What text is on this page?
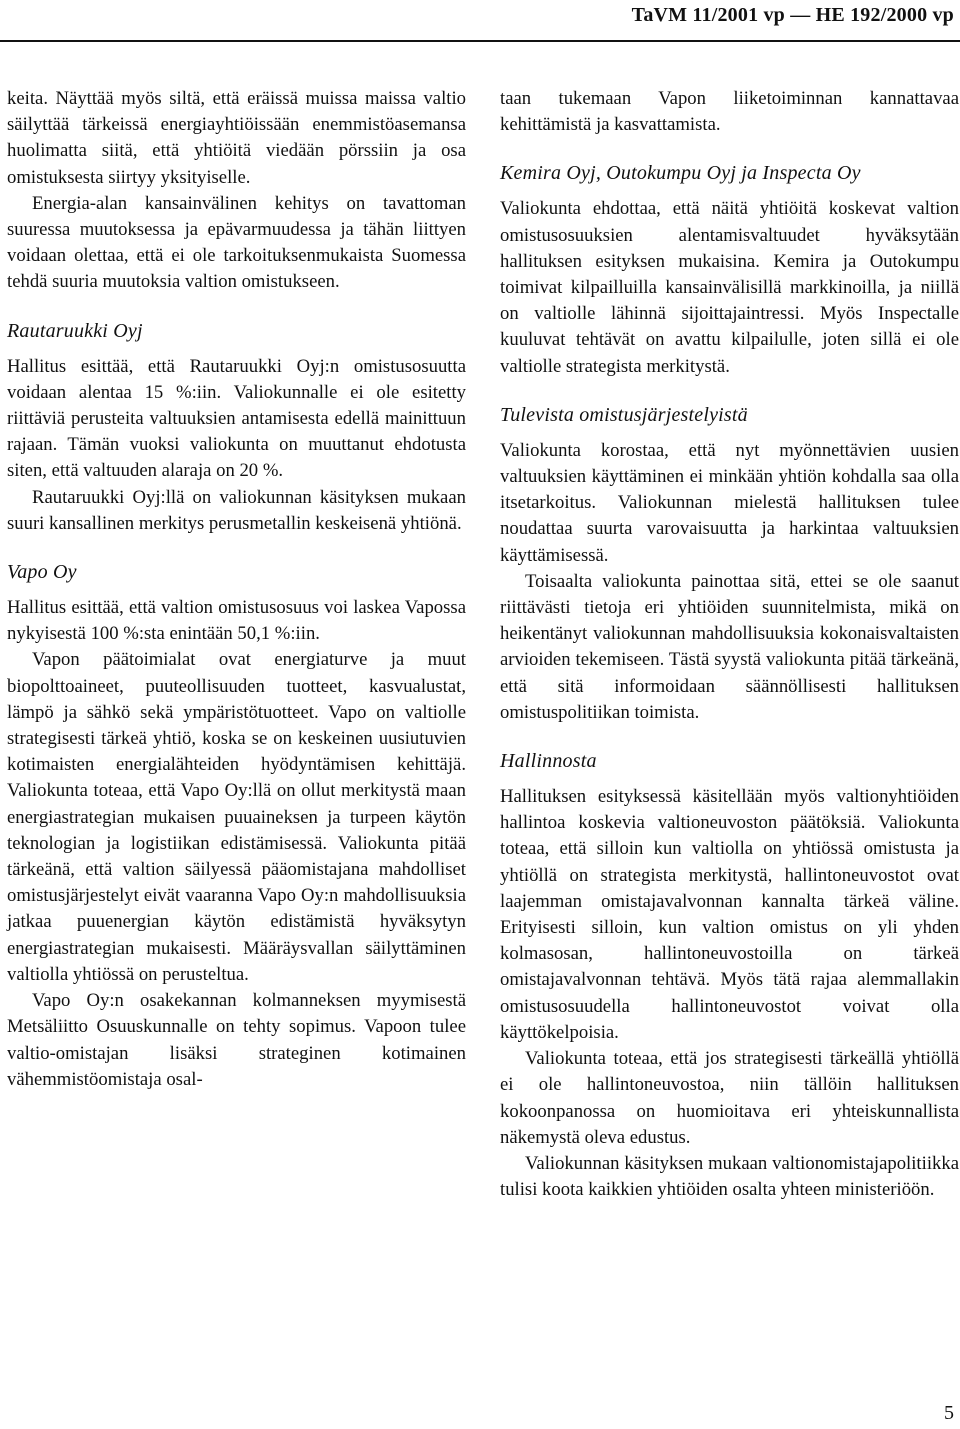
TaVM 11/2001 vp — HE 192/2000 vp

keita. Näyttää myös siltä, että eräissä muissa maissa valtio säilyttää tärkeissä energiayhtiöissään enemmistöasemansa huolimatta siitä, että yhtiöitä viedään pörssiin ja osa omistuksesta siirtyy yksityiselle.

Energia-alan kansainvälinen kehitys on tavattoman suuressa muutoksessa ja epävarmuudessa ja tähän liittyen voidaan olettaa, että ei ole tarkoituksenmukaista Suomessa tehdä suuria muutoksia valtion omistukseen.

Rautaruukki Oyj

Hallitus esittää, että Rautaruukki Oyj:n omistusosuutta voidaan alentaa 15 %:iin. Valiokunnalle ei ole esitetty riittäviä perusteita valtuuksien antamisesta edellä mainittuun rajaan. Tämän vuoksi valiokunta on muuttanut ehdotusta siten, että valtuuden alaraja on 20 %.

Rautaruukki Oyj:llä on valiokunnan käsityksen mukaan suuri kansallinen merkitys perusmetallin keskeisenä yhtiönä.

Vapo Oy

Hallitus esittää, että valtion omistusosuus voi laskea Vapossa nykyisestä 100 %:sta enintään 50,1 %:iin.

Vapon päätoimialat ovat energiaturve ja muut biopolttoaineet, puuteollisuuden tuotteet, kasvualustat, lämpö ja sähkö sekä ympäristötuotteet. Vapo on valtiolle strategisesti tärkeä yhtiö, koska se on keskeinen uusiutuvien kotimaisten energialähteiden hyödyntämisen kehittäjä. Valiokunta toteaa, että Vapo Oy:llä on ollut merkitystä maan energiastrategian mukaisen puuaineksen ja turpeen käytön teknologian ja logistiikan edistämisessä. Valiokunta pitää tärkeänä, että valtion säilyessä pääomistajana mahdolliset omistusjärjestelyt eivät vaaranna Vapo Oy:n mahdollisuuksia jatkaa puuenergian käytön edistämistä hyväksytyn energiastrategian mukaisesti. Määräysvallan säilyttäminen valtiolla yhtiössä on perusteltua.

Vapo Oy:n osakekannan kolmanneksen myymisestä Metsäliitto Osuuskunnalle on tehty sopimus. Vapoon tulee valtio-omistajan lisäksi strateginen kotimainen vähemmistöomistaja osal-

taan tukemaan Vapon liiketoiminnan kannattavaa kehittämistä ja kasvattamista.

Kemira Oyj, Outokumpu Oyj ja Inspecta Oy

Valiokunta ehdottaa, että näitä yhtiöitä koskevat valtion omistusosuuksien alentamisvaltuudet hyväksytään hallituksen esityksen mukaisina. Kemira ja Outokumpu toimivat kilpailluilla kansainvälisillä markkinoilla, ja niillä on valtiolle lähinnä sijoittajaintressi. Myös Inspectalle kuuluvat tehtävät on avattu kilpailulle, joten sillä ei ole valtiolle strategista merkitystä.

Tulevista omistusjärjestelyistä

Valiokunta korostaa, että nyt myönnettävien uusien valtuuksien käyttäminen ei minkään yhtiön kohdalla saa olla itsetarkoitus. Valiokunnan mielestä hallituksen tulee noudattaa suurta varovaisuutta ja harkintaa valtuuksien käyttämisessä.

Toisaalta valiokunta painottaa sitä, ettei se ole saanut riittävästi tietoja eri yhtiöiden suunnitelmista, mikä on heikentänyt valiokunnan mahdollisuuksia kokonaisvaltaisten arvioiden tekemiseen. Tästä syystä valiokunta pitää tärkeänä, että sitä informoidaan säännöllisesti hallituksen omistuspolitiikan toimista.

Hallinnosta

Hallituksen esityksessä käsitellään myös valtionyhtiöiden hallintoa koskevia valtioneuvoston päätöksiä. Valiokunta toteaa, että silloin kun valtiolla on yhtiössä omistusta ja yhtiöllä on strategista merkitystä, hallintoneuvostot ovat laajemman omistajavalvonnan kannalta tärkeä väline. Erityisesti silloin, kun valtion omistus on yli yhden kolmasosan, hallintoneuvostoilla on tärkeä omistajavalvonnan tehtävä. Myös tätä rajaa alemmallakin omistusosuudella hallintoneuvostot voivat olla käyttökelpoisia.

Valiokunta toteaa, että jos strategisesti tärkeällä yhtiöllä ei ole hallintoneuvostoa, niin tällöin hallituksen kokoonpanossa on huomioitava eri yhteiskunnallista näkemystä oleva edustus.

Valiokunnan käsityksen mukaan valtionomistajapolitiikka tulisi koota kaikkien yhtiöiden osalta yhteen ministeriöön.

5
